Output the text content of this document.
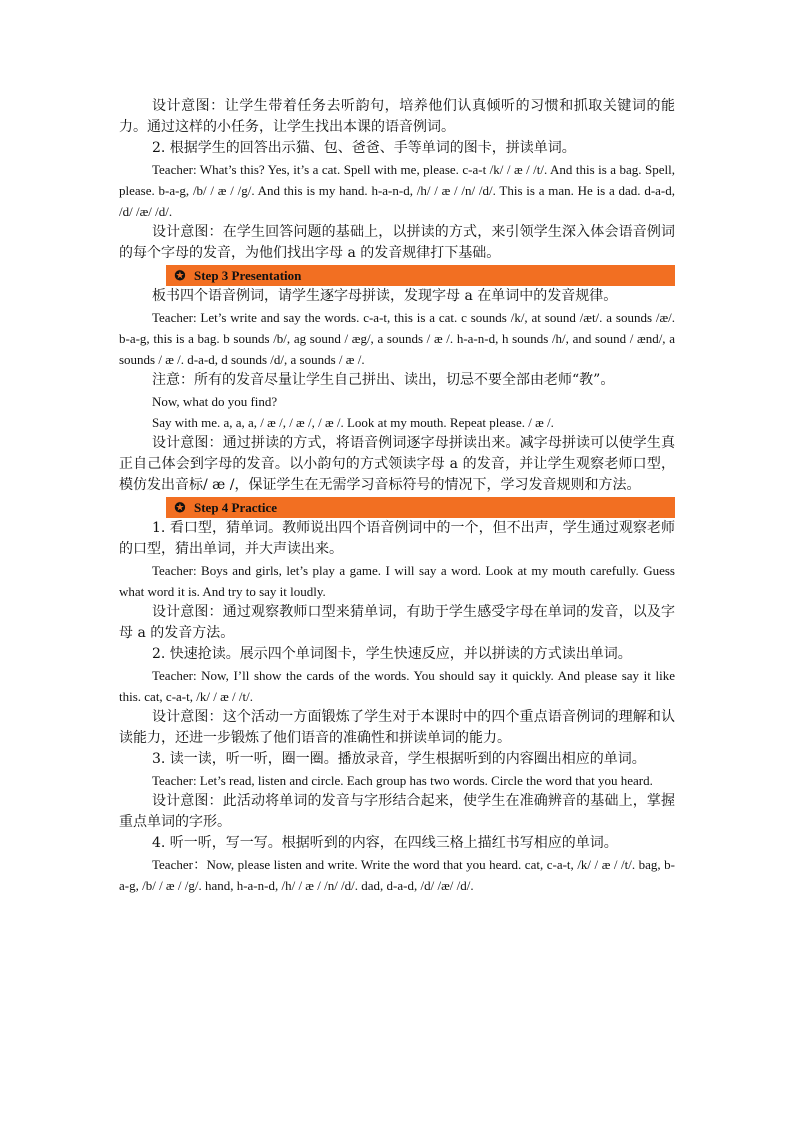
设计意图：让学生带着任务去听韵句，培养他们认真倾听的习惯和抓取关键词的能力。通过这样的小任务，让学生找出本课的语音例词。

2. 根据学生的回答出示猫、包、爸爸、手等单词的图卡，拼读单词。

Teacher: What’s this? Yes, it’s a cat. Spell with me, please. c-a-t /k/ / æ / /t/. And this is a bag. Spell, please. b-a-g, /b/ / æ / /g/. And this is my hand. h-a-n-d, /h/ / æ / /n/ /d/. This is a man. He is a dad. d-a-d, /d/ /æ/ /d/.

设计意图：在学生回答问题的基础上，以拼读的方式，来引领学生深入体会语音例词的每个字母的发音，为他们找出字母 a 的发音规律打下基础。

✪ Step 3 Presentation

板书四个语音例词，请学生逐字母拼读，发现字母 a 在单词中的发音规律。

Teacher: Let’s write and say the words. c-a-t, this is a cat. c sounds /k/, at sound /æt/. a sounds /æ/. b-a-g, this is a bag. b sounds /b/, ag sound / æg/, a sounds / æ /. h-a-n-d, h sounds /h/, and sound / ænd/, a sounds / æ /. d-a-d, d sounds /d/, a sounds / æ /.

注意：所有的发音尽量让学生自己拼出、读出，切忌不要全部由老师“教”。

Now, what do you find?

Say with me. a, a, a, / æ /, / æ /, / æ /. Look at my mouth. Repeat please. / æ /.

设计意图：通过拼读的方式，将语音例词逐字母拼读出来。减字母拼读可以使学生真正自己体会到字母的发音。以小韵句的方式领读字母 a 的发音，并让学生观察老师口型，模仿发出音标/ æ /，保证学生在无需学习音标符号的情况下，学习发音规则和方法。

✪ Step 4 Practice

1. 看口型，猜单词。教师说出四个语音例词中的一个，但不出声，学生通过观察老师的口型，猜出单词，并大声读出来。

Teacher: Boys and girls, let’s play a game. I will say a word. Look at my mouth carefully. Guess what word it is. And try to say it loudly.

设计意图：通过观察教师口型来猜单词，有助于学生感受字母在单词的发音，以及字母 a 的发音方法。

2. 快速抢读。展示四个单词图卡，学生快速反应，并以拼读的方式读出单词。

Teacher: Now, I’ll show the cards of the words. You should say it quickly. And please say it like this. cat, c-a-t, /k/ / æ / /t/.

设计意图：这个活动一方面锻炼了学生对于本课时中的四个重点语音例词的理解和认读能力，还进一步锻炼了他们语音的准确性和拼读单词的能力。

3. 读一读，听一听，圈一圈。播放录音，学生根据听到的内容圈出相应的单词。

Teacher: Let’s read, listen and circle. Each group has two words. Circle the word that you heard.

设计意图：此活动将单词的发音与字形结合起来，使学生在准确辨音的基础上，掌握重点单词的字形。

4. 听一听，写一写。根据听到的内容，在四线三格上描红书写相应的单词。

Teacher：Now, please listen and write. Write the word that you heard. cat, c-a-t, /k/ / æ / /t/. bag, b-a-g, /b/ / æ / /g/. hand, h-a-n-d, /h/ / æ / /n/ /d/. dad, d-a-d, /d/ /æ/ /d/.
